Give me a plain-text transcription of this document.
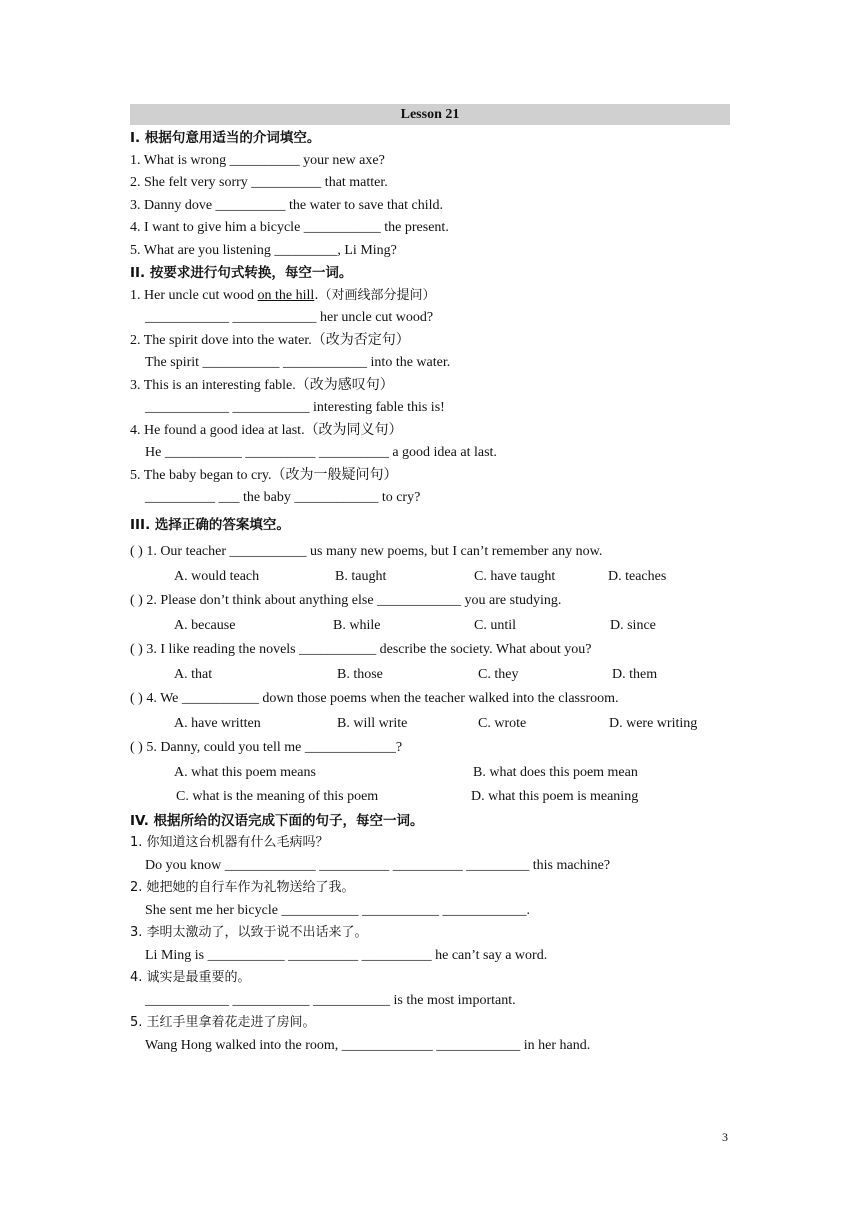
Lesson 21
I. 根据句意用适当的介词填空。
1. What is wrong __________ your new axe?
2. She felt very sorry __________ that matter.
3. Danny dove __________ the water to save that child.
4. I want to give him a bicycle ___________ the present.
5. What are you listening _________, Li Ming?
II. 按要求进行句式转换，每空一词。
1. Her uncle cut wood on the hill.（对画线部分提问）
____________ ____________ her uncle cut wood?
2. The spirit dove into the water.（改为否定句）
The spirit ___________ ____________ into the water.
3. This is an interesting fable.（改为感叹句）
____________ ___________ interesting fable this is!
4. He found a good idea at last.（改为同义句）
He ___________ __________ __________ a good idea at last.
5. The baby began to cry.（改为一般疑问句）
__________ ___ the baby ____________ to cry?
III. 选择正确的答案填空。
( ) 1. Our teacher ___________ us many new poems, but I can’t remember any now.
A. would teach	B. taught	C. have taught	D. teaches
( ) 2. Please don’t think about anything else ____________ you are studying.
A. because	B. while	C. until	D. since
( ) 3. I like reading the novels ___________ describe the society. What about you?
A. that	B. those	C. they	D. them
( ) 4. We ___________ down those poems when the teacher walked into the classroom.
A. have written	B. will write	C. wrote	D. were writing
( ) 5. Danny, could you tell me _____________?
A. what this poem means	B. what does this poem mean
C. what is the meaning of this poem	D. what this poem is meaning
IV. 根据所给的汉语完成下面的句子，每空一词。
1. 你知道这台机器有什么毛病吗？
Do you know _____________ __________ __________ _________ this machine?
2. 她把她的自行车作为礼物送给了我。
She sent me her bicycle ___________ ___________ ____________.
3. 李明太激动了，以致于说不出话来了。
Li Ming is ___________ __________ __________ he can’t say a word.
4. 诚实是最重要的。
____________ ___________ ___________ is the most important.
5. 王红手里拿着花走进了房间。
Wang Hong walked into the room, _____________ ____________ in her hand.
3
